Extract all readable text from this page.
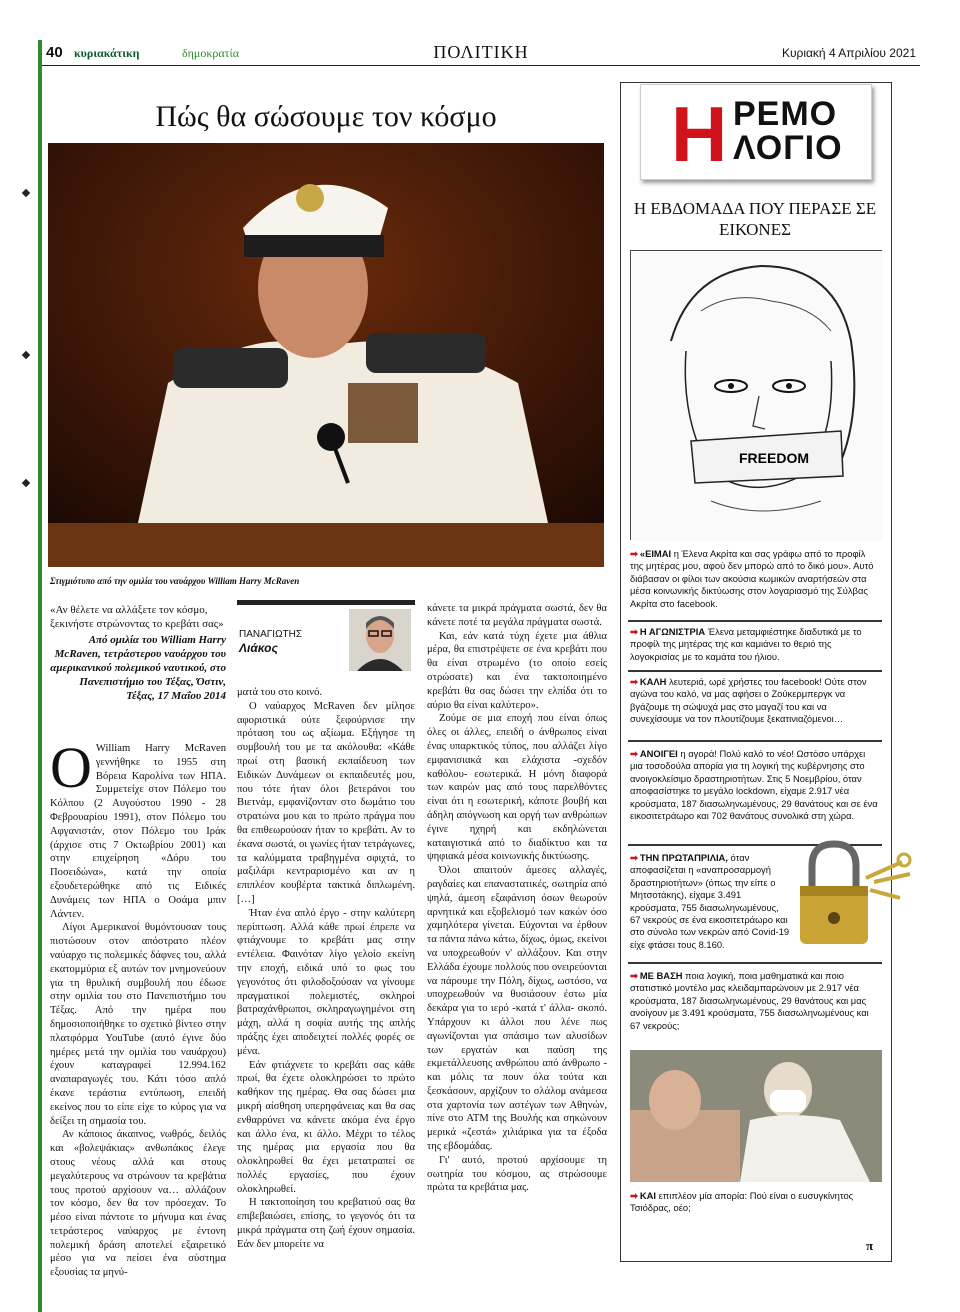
40 κυριακάτικη	δημοκρατία	ΠΟΛΙΤΙΚΗ	Κυριακή 4 Απριλίου 2021
Πώς θα σώσουμε τον κόσμο
Στιγμιότυπο από την ομιλία του ναυάρχου William Harry McRaven
«Αν θέλετε να αλλάξετε τον κόσμο, ξεκινήστε στρώνοντας το κρεβάτι σας»
Από ομιλία του William Harry McRaven, τετράστερου ναυάρχου του αμερικανικού πολεμικού ναυτικού, στο Πανεπιστήμιο του Τέξας, Όστιν, Τέξας, 17 Μαΐου 2014
ΠΑΝΑΓΙΩΤΗΣ
Λιάκος
Ο William Harry McRaven γεννήθηκε το 1955 στη Βόρεια Καρολίνα των ΗΠΑ. Συμμετείχε στον Πόλεμο του Κόλπου (2 Αυγούστου 1990 - 28 Φεβρουαρίου 1991), στον Πόλεμο του Αφγανιστάν, στον Πόλεμο του Ιράκ (άρχισε στις 7 Οκτωβρίου 2001) και στην επιχείρηση «Δόρυ του Ποσειδώνα», κατά την οποία εξουδετερώθηκε από τις Ειδικές Δυνάμεις των ΗΠΑ ο Οσάμα μπιν Λάντεν.

Λίγοι Αμερικανοί θυμόντουσαν τους πιστώσουν στον απόστρατο πλέον ναύαρχο τις πολεμικές δάφνες του, αλλά εκατομμύρια εξ αυτών τον μνημονεύουν για τη θρυλική συμβουλή που έδωσε στην ομιλία του στο Πανεπιστήμιο του Τέξας. Από την ημέρα που δημοσιοποιήθηκε το σχετικό βίντεο στην πλατφόρμα YouTube (αυτό έγινε δύο ημέρες μετά την ομιλία του ναυάρχου) έχουν καταγραφεί 12.994.162 αναπαραγωγές του. Κάτι τόσο απλό έκανε τεράστια εντύπωση, επειδή εκείνος που το είπε είχε το κύρος για να δείξει τη σημασία του.

Αν κάποιος άκαπνος, νωθρός, δειλός και «βολεψάκιας» ανθωπάκος έλεγε στους νέους αλλά και στους μεγαλύτερους να στρώνουν τα κρεβάτια τους προτού αρχίσουν να… αλλάζουν τον κόσμο, δεν θα τον πρόσεχαν. Το μέσο είναι πάντοτε το μήνυμα και ένας τετράστερος ναύαρχος με έντονη πολεμική δράση αποτελεί εξαιρετικό μέσο για να πείσει ένα σύστημα εξουσίας τα μηνύ-

ματά του στο κοινό.

Ο ναύαρχος McRaven δεν μίλησε αφοριστικά ούτε ξεφούρνισε την πρόταση του ως αξίωμα. Εξήγησε τη συμβουλή του με τα ακόλουθα: «Κάθε πρωί στη βασική εκπαίδευση των Ειδικών Δυνάμεων οι εκπαιδευτές μου, που τότε ήταν όλοι βετεράνοι του Βιετνάμ, εμφανίζονταν στο δωμάτιο του στρατώνα μου και το πρώτο πράγμα που θα επιθεωρούσαν ήταν το κρεβάτι. Αν το έκανα σωστά, οι γωνίες ήταν τετράγωνες, τα καλύμματα τραβηγμένα σφιχτά, το μαξιλάρι κεντραρισμένο και αν η επιπλέον κουβέρτα τακτικά διπλωμένη. […]

Ήταν ένα απλό έργο - στην καλύτερη περίπτωση. Αλλά κάθε πρωί έπρεπε να φτιάχνουμε το κρεβάτι μας στην εντέλεια. Φαινόταν λίγο γελοίο εκείνη την εποχή, ειδικά υπό το φως του γεγονότος ότι φιλοδοξούσαν να γίνουμε πραγματικοί πολεμιστές, σκληροί βατραχάνθρωποι, σκληραγωγημένοι στη μάχη, αλλά η σοφία αυτής της απλής πράξης έχει αποδειχτεί πολλές φορές σε μένα.

Εάν φτιάχνετε το κρεβάτι σας κάθε πρωί, θα έχετε ολοκληρώσει το πρώτο καθήκον της ημέρας. Θα σας δώσει μια μικρή αίσθηση υπερηφάνειας και θα σας ενθαρρύνει να κάνετε ακόμα ένα έργο και άλλο ένα, κι άλλο. Μέχρι το τέλος της ημέρας μια εργασία που θα ολοκληρωθεί θα έχει μετατραπεί σε πολλές εργασίες, που έχουν ολοκληρωθεί.

Η τακτοποίηση του κρεβατιού σας θα επιβεβαιώσει, επίσης, το γεγονός ότι τα μικρά πράγματα στη ζωή έχουν σημασία. Εάν δεν μπορείτε να

κάνετε τα μικρά πράγματα σωστά, δεν θα κάνετε ποτέ τα μεγάλα πράγματα σωστά.

Και, εάν κατά τύχη έχετε μια άθλια μέρα, θα επιστρέψετε σε ένα κρεβάτι που θα είναι στρωμένο (το οποίο εσείς στρώσατε) και ένα τακτοποιημένο κρεβάτι θα σας δώσει την ελπίδα ότι το αύριο θα είναι καλύτερο».

Ζούμε σε μια εποχή που είναι όπως όλες οι άλλες, επειδή ο άνθρωπος είναι ένας υπαρκτικός τύπος, που αλλάζει λίγο εμφανισιακά και ελάχιστα -σχεδόν καθόλου- εσωτερικά. Η μόνη διαφορά των καιρών μας από τους παρελθόντες είναι ότι η εσωτερική, κάποτε βουβή και άδηλη απόγνωση και οργή των ανθρώπων έγινε ηχηρή και εκδηλώνεται καταιγιστικά από το διαδίκτυο και τα ψηφιακά μέσα κοινωνικής δικτύωσης.

Όλοι απαιτούν άμεσες αλλαγές, ραγδαίες και επαναστατικές, σωτηρία από ψηλά, άμεση εξαφάνιση όσων θεωρούν αρνητικά και εξοβελισμό των κακών όσο χαμηλότερα γίνεται. Εύχονται να έρθουν τα πάντα πάνω κάτω, δίχως, όμως, εκείνοι να υποχρεωθούν ν' αλλάξουν. Και στην Ελλάδα έχουμε πολλούς που ονειρεύονται να πάρουμε την Πόλη, δίχως, ωστόσο, να υποχρεωθούν να θυσιάσουν έστω μία δεκάρα για το ιερό -κατά τ' άλλα- σκοπό. Υπάρχουν κι άλλοι που λένε πως αγωνίζονται για σπάσιμο των αλυσίδων των εργατών και παύση της εκμετάλλευσης ανθρώπου από άνθρωπο - και μόλις τα πουν όλα τούτα και ξεσκάσουν, αρχίζουν το σλάλομ ανάμεσα στα χαρτονία των αστέγων των Αθηνών, πίνε στο ΑΤΜ της Βουλής και σηκώνουν μερικά «ζεστά» χιλιάρικα για τα έξοδα της εβδομάδας.

Γι' αυτό, προτού αρχίσουμε τη σωτηρία του κόσμου, ας στρώσουμε πρώτα τα κρεβάτια μας.

Η ΡΕΜΟ
ΛΟΓΙΟ
Η ΕΒΔΟΜΑΔΑ ΠΟΥ ΠΕΡΑΣΕ ΣΕ ΕΙΚΟΝΕΣ
FREEDOM
➡ «ΕΙΜΑΙ η Έλενα Ακρίτα και σας γράφω από το προφίλ της μητέρας μου, αφού δεν μπορώ από το δικό μου». Αυτό διάβασαν οι φίλοι των ακούσια κωμικών αναρτήσεών στα μέσα κοινωνικής δικτύωσης στον λογαριασμό της Σύλβας Ακρίτα στο facebook.
➡ Η ΑΓΩΝΙΣΤΡΙΑ Έλενα μεταμφιέστηκε διαδυτικά με το προφίλ της μητέρας της και καμιάνει το θεριό της λογοκρισίας με το καμάτα του ήλιου.
➡ ΚΑΛΗ λευτεριά, ωρέ χρήστες του facebook! Ούτε στον αγώνα του καλό, να μας αφήσει ο Ζούκερμπεργκ να βγάζουμε τη σώψυχά μας στο μαγαζί του και να συνεχίσουμε να τον πλουτίζουμε ξεκατινιαζόμενοι…
➡ ΑΝΟΙΓΕΙ η αγορά! Πολύ καλό το νέο! Ωστόσο υπάρχει μια τοσοδούλα απορία για τη λογική της κυβέρνησης στο ανοιγοκλείσιμο δραστηριοτήτων. Στις 5 Νοεμβρίου, όταν αποφασίστηκε το μεγάλο lockdown, είχαμε 2.917 νέα κρούσματα, 187 διασωληνωμένους, 29 θανάτους και σε ένα εικοσιτετράωρο και 702 θανάτους συνολικά στη χώρα.
➡ ΤΗΝ ΠΡΩΤΑΠΡΙΛΙΑ, όταν αποφασίζεται η «αναπροσαρμογή δραστηριοτήτων» (όπως την είπε ο Μητσοτάκης), είχαμε 3.491 κρούσματα, 755 διασωληνωμένους, 67 νεκρούς σε ένα εικοσιτετράωρο και στο σύνολο των νεκρών από Covid-19 είχε φτάσει τους 8.160.
➡ ΜΕ ΒΑΣΗ ποια λογική, ποια μαθηματικά και ποιο στατιστικό μοντέλο μας κλειδαμπαρώνουν με 2.917 νέα κρούσματα, 187 διασωληνωμένους, 29 θανάτους και μας ανοίγουν με 3.491 κρούσματα, 755 διασωληνωμένους και 67 νεκρούς;
➡ ΚΑΙ επιπλέον μία απορία: Πού είναι ο ευσυγκίνητος Τσιόδρας, οέο;
π
